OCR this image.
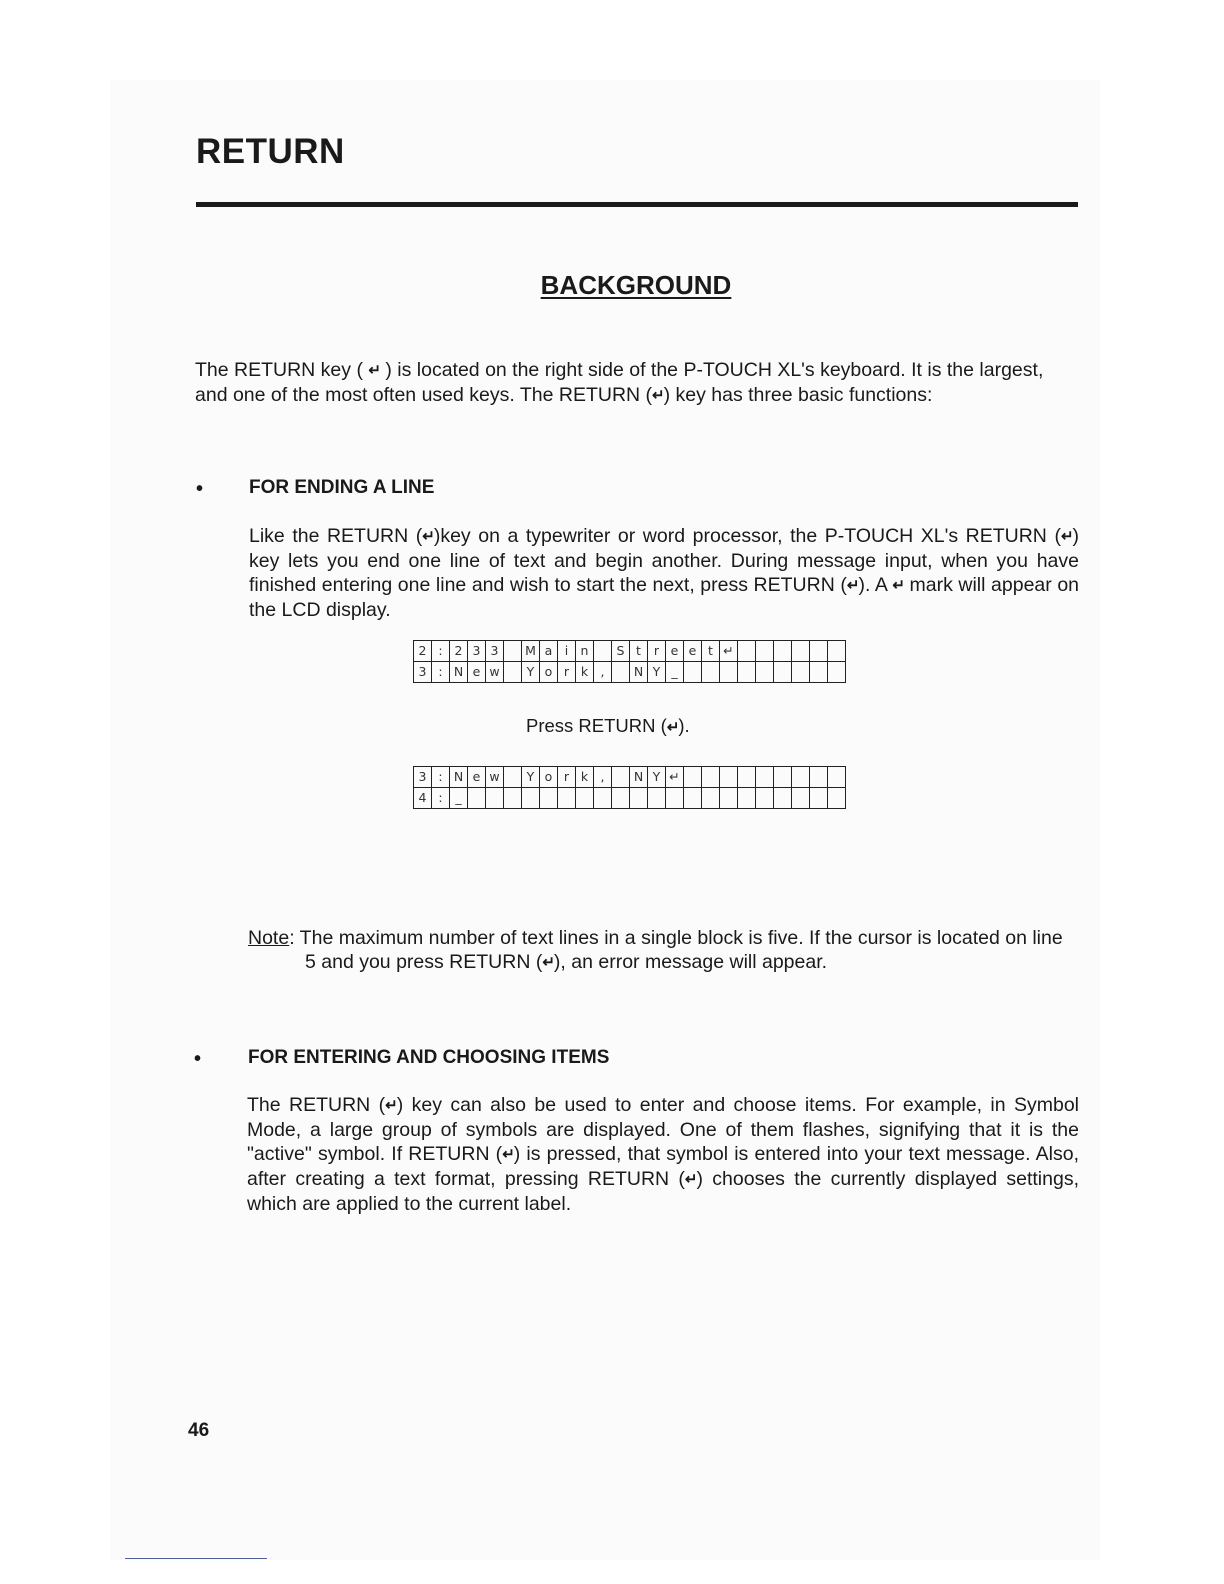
RETURN
BACKGROUND
The RETURN key ( ↵ ) is located on the right side of the P-TOUCH XL's keyboard. It is the largest, and one of the most often used keys. The RETURN (↵) key has three basic functions:
• FOR ENDING A LINE
Like the RETURN (↵)key on a typewriter or word processor, the P-TOUCH XL's RETURN (↵) key lets you end one line of text and begin another. During message input, when you have finished entering one line and wish to start the next, press RETURN (↵). A ↵ mark will appear on the LCD display.
2	:	2	3	3		M	a	i	n		S	t	r	e	e	t	↵						
3	:	N	e	w		Y	o	r	k	,		N	Y	_									
Press RETURN (↵).
3	:	N	e	w		Y	o	r	k	,		N	Y	↵									
4	:	_																					
Note: The maximum number of text lines in a single block is five. If the cursor is located on line
5 and you press RETURN (↵), an error message will appear.
• FOR ENTERING AND CHOOSING ITEMS
The RETURN (↵) key can also be used to enter and choose items. For example, in Symbol Mode, a large group of symbols are displayed. One of them flashes, signifying that it is the "active" symbol. If RETURN (↵) is pressed, that symbol is entered into your text message. Also, after creating a text format, pressing RETURN (↵) chooses the currently displayed settings, which are applied to the current label.
46
